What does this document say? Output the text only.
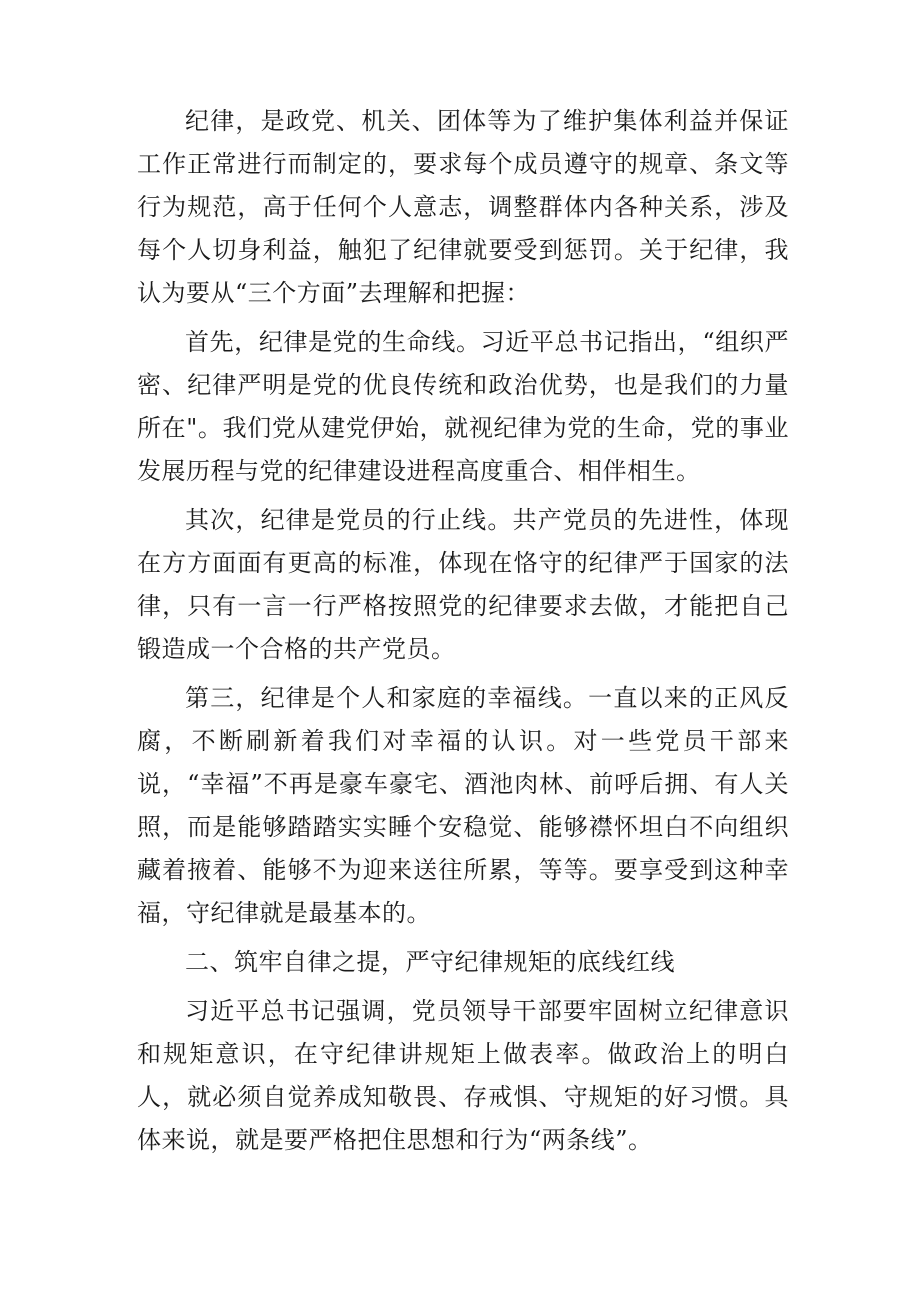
纪律，是政党、机关、团体等为了维护集体利益并保证工作正常进行而制定的，要求每个成员遵守的规章、条文等行为规范，高于任何个人意志，调整群体内各种关系，涉及每个人切身利益，触犯了纪律就要受到惩罚。关于纪律，我认为要从“三个方面”去理解和把握：

首先，纪律是党的生命线。习近平总书记指出，“组织严密、纪律严明是党的优良传统和政治优势，也是我们的力量所在"。我们党从建党伊始，就视纪律为党的生命，党的事业发展历程与党的纪律建设进程高度重合、相伴相生。

其次，纪律是党员的行止线。共产党员的先进性，体现在方方面面有更高的标准，体现在恪守的纪律严于国家的法律，只有一言一行严格按照党的纪律要求去做，才能把自己锻造成一个合格的共产党员。

第三，纪律是个人和家庭的幸福线。一直以来的正风反腐，不断刷新着我们对幸福的认识。对一些党员干部来说，“幸福”不再是豪车豪宅、酒池肉林、前呼后拥、有人关照，而是能够踏踏实实睡个安稳觉、能够襟怀坦白不向组织藏着掖着、能够不为迎来送往所累，等等。要享受到这种幸福，守纪律就是最基本的。

二、筑牢自律之提，严守纪律规矩的底线红线

习近平总书记强调，党员领导干部要牢固树立纪律意识和规矩意识，在守纪律讲规矩上做表率。做政治上的明白人，就必须自觉养成知敬畏、存戒惧、守规矩的好习惯。具体来说，就是要严格把住思想和行为“两条线”。
